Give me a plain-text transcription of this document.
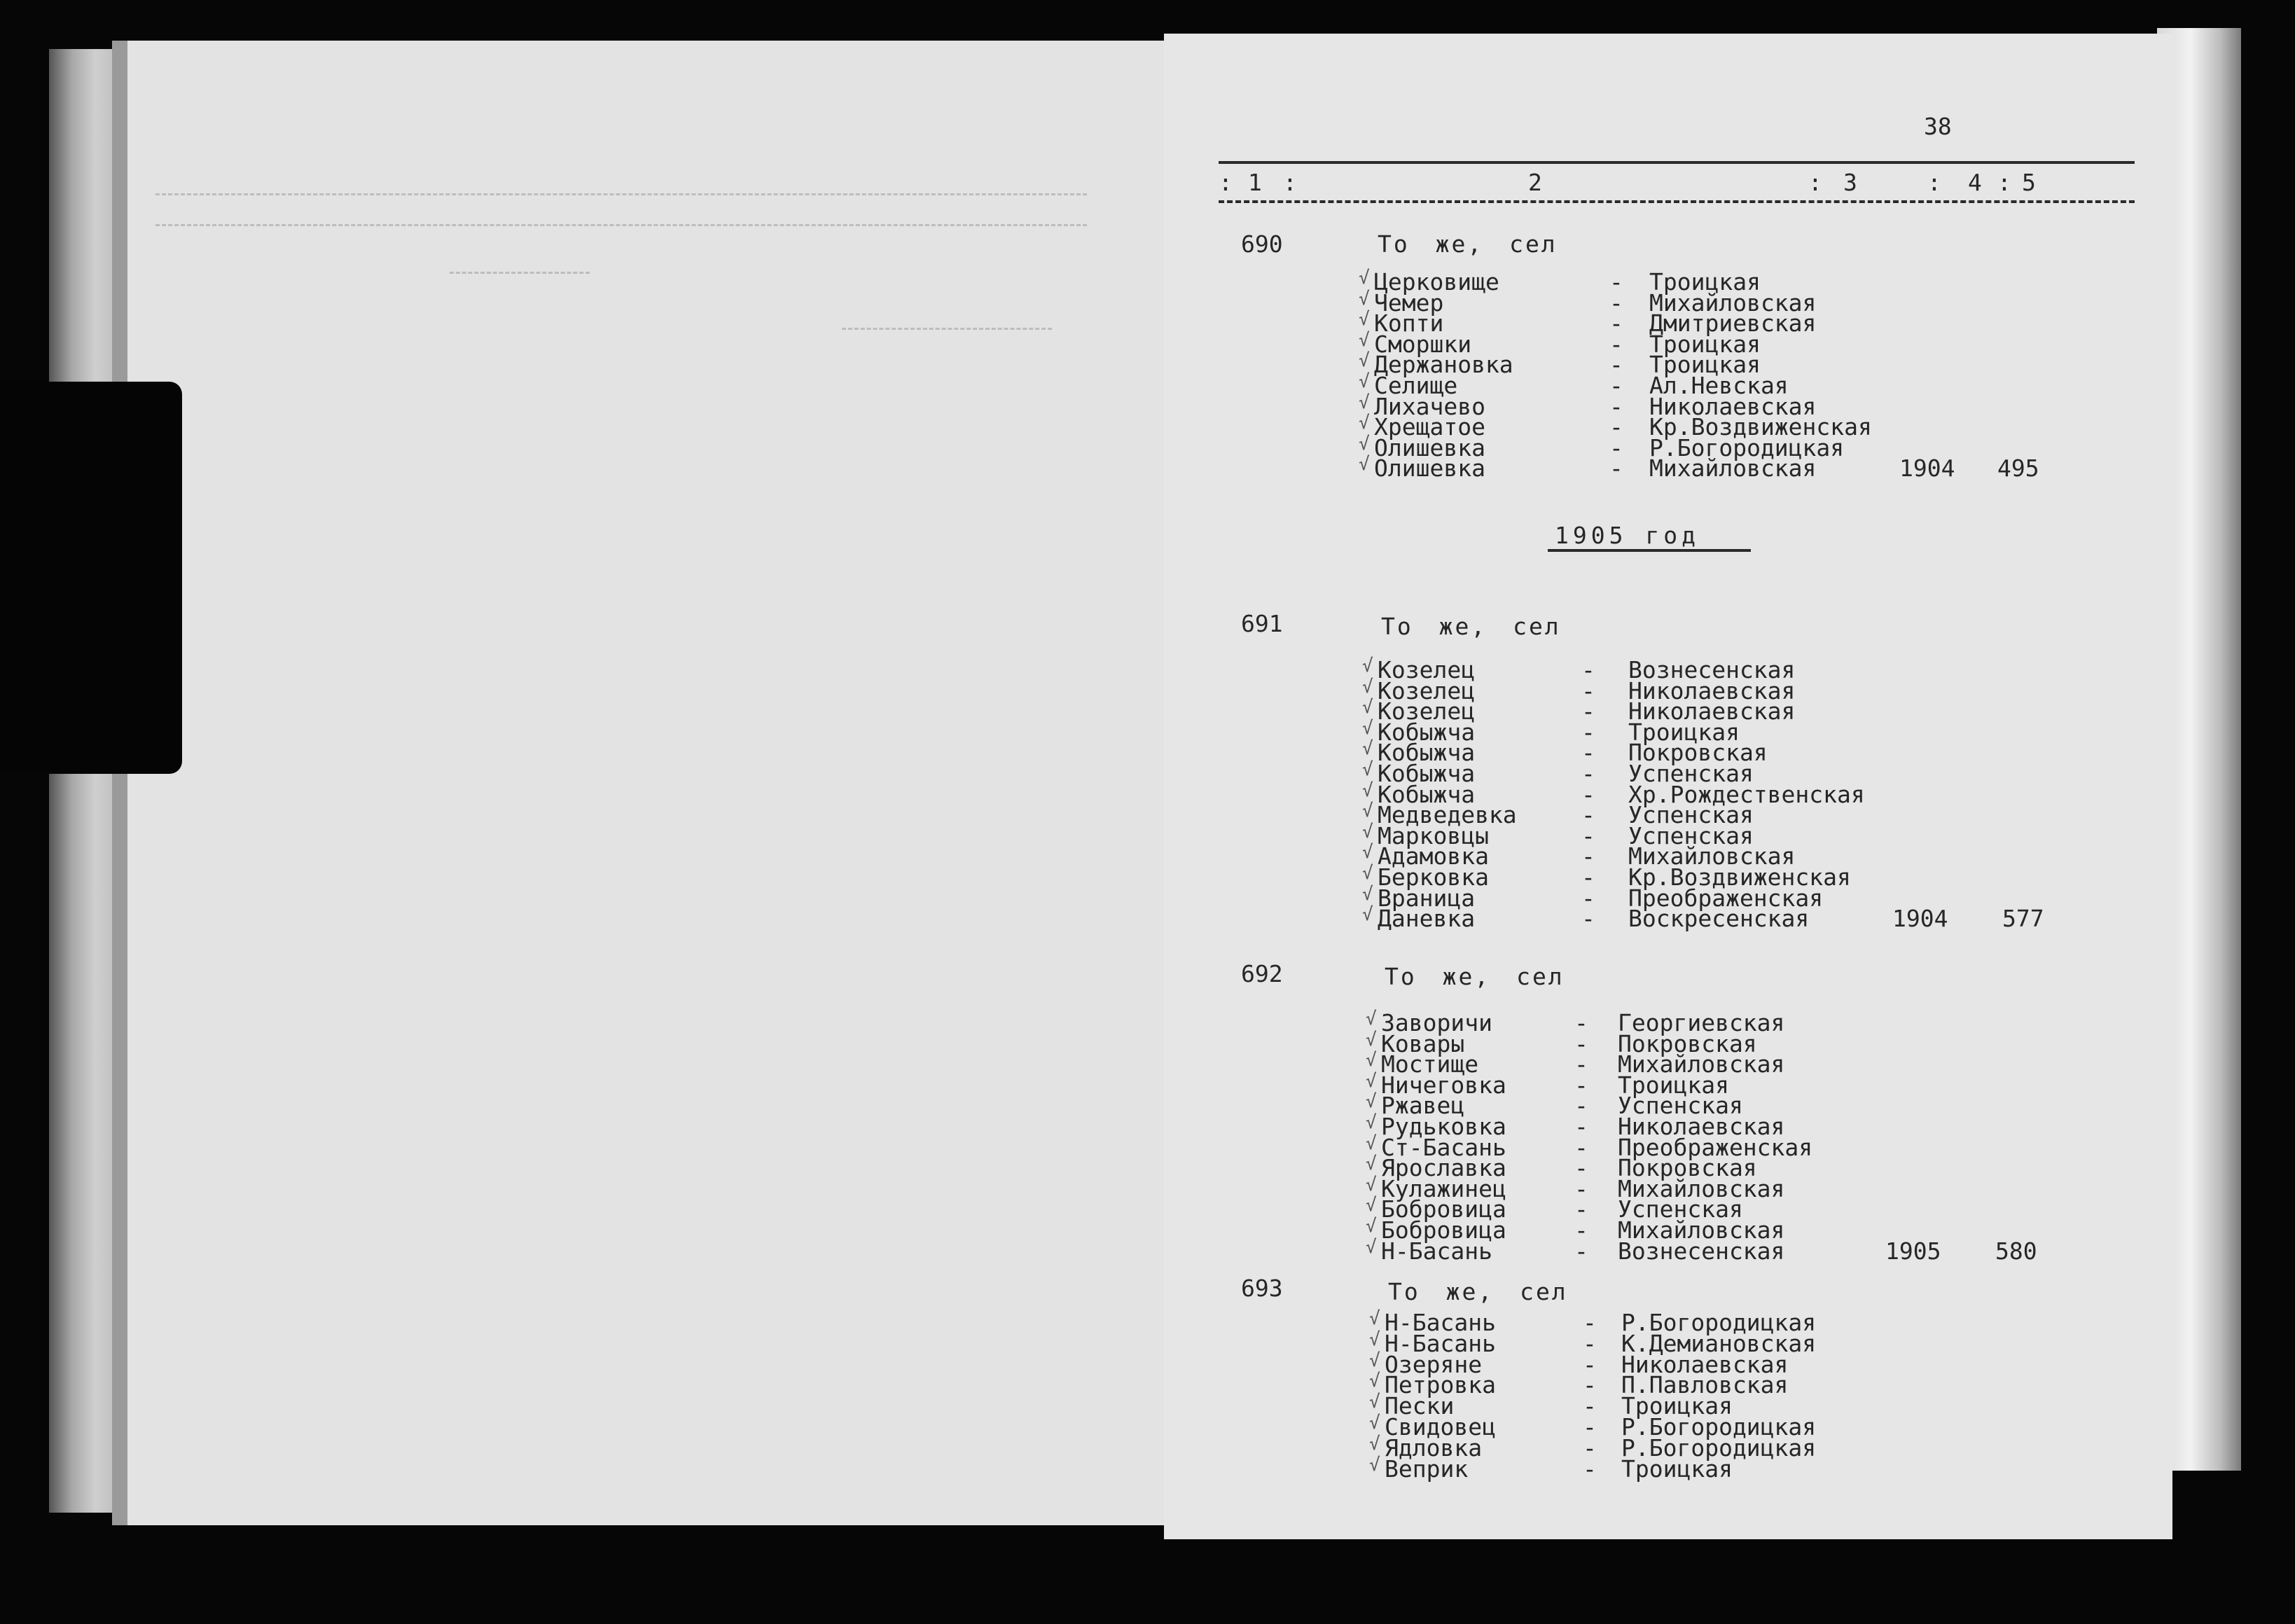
38
: 1 :	2	: 3	: 4 : 5
690	То же, сел
√ Церковище	- Троицкая
√ Чемер	- Михайловская
√ Копти	- Дмитриевская
√ Сморшки	- Троицкая
√ Держановка	- Троицкая
√ Селище	- Ал.Невская
√ Лихачево	- Николаевская
√ Хрещатое	- Кр.Воздвиженская
√ Олишевка	- Р.Богородицкая
√ Олишевка	- Михайловская	1904 495
691	То же, сел
√ Козелец	- Вознесенская
√ Козелец	- Николаевская
√ Козелец	- Николаевская
√ Кобыжча	- Троицкая
√ Кобыжча	- Покровская
√ Кобыжча	- Успенская
√ Кобыжча	- Хр.Рождественская
√ Медведевка	- Успенская
√ Марковцы	- Успенская
√ Адамовка	- Михайловская
√ Берковка	- Кр.Воздвиженская
√ Враница	- Преображенская
√ Даневка	- Воскресенская	1904 577
692	То же, сел
√ Заворичи	- Георгиевская
√ Ковары	- Покровская
√ Мостище	- Михайловская
√ Ничеговка	- Троицкая
√ Ржавец	- Успенская
√ Рудьковка	- Николаевская
√ Ст-Басань	- Преображенская
√ Ярославка	- Покровская
√ Кулажинец	- Михайловская
√ Бобровица	- Успенская
√ Бобровица	- Михайловская
√ Н-Басань	- Вознесенская	1905 580
693	То же, сел
√ Н-Басань	- Р.Богородицкая
√ Н-Басань	- К.Демиановская
√ Озеряне	- Николаевская
√ Петровка	- П.Павловская
√ Пески	- Троицкая
√ Свидовец	- Р.Богородицкая
√ Ядловка	- Р.Богородицкая
√ Веприк	- Троицкая
1905 год
